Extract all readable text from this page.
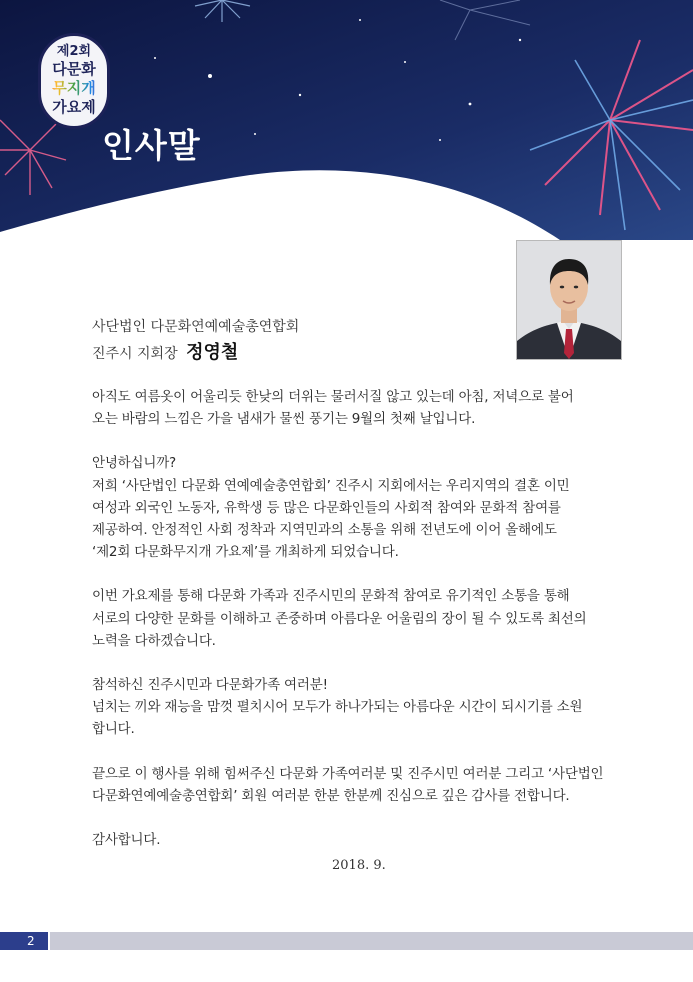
제2회
다문화
무지개
가요제
인사말
사단법인 다문화연예예술총연합회
진주시 지회장 정영철

아직도 여름옷이 어울리듯 한낮의 더위는 물러서질 않고 있는데 아침, 저녁으로 불어
오는 바람의 느낌은 가을 냄새가 물씬 풍기는 9월의 첫째 날입니다.

안녕하십니까?
저희 ‘사단법인 다문화 연예예술총연합회’ 진주시 지회에서는 우리지역의 결혼 이민
여성과 외국인 노동자, 유학생 등 많은 다문화인들의 사회적 참여와 문화적 참여를
제공하여. 안정적인 사회 정착과 지역민과의 소통을 위해 전년도에 이어 올해에도
‘제2회 다문화무지개 가요제’를 개최하게 되었습니다.

이번 가요제를 통해 다문화 가족과 진주시민의 문화적 참여로 유기적인 소통을 통해
서로의 다양한 문화를 이해하고 존중하며 아름다운 어울림의 장이 될 수 있도록 최선의
노력을 다하겠습니다.

참석하신 진주시민과 다문화가족 여러분!
넘치는 끼와 재능을 맘껏 펼치시어 모두가 하나가되는 아름다운 시간이 되시기를 소원
합니다.

끝으로 이 행사를 위해 힘써주신 다문화 가족여러분 및 진주시민 여러분 그리고 ‘사단법인
다문화연예예술총연합회’ 회원 여러분 한분 한분께 진심으로 깊은 감사를 전합니다.

감사합니다.

2018. 9.
2
